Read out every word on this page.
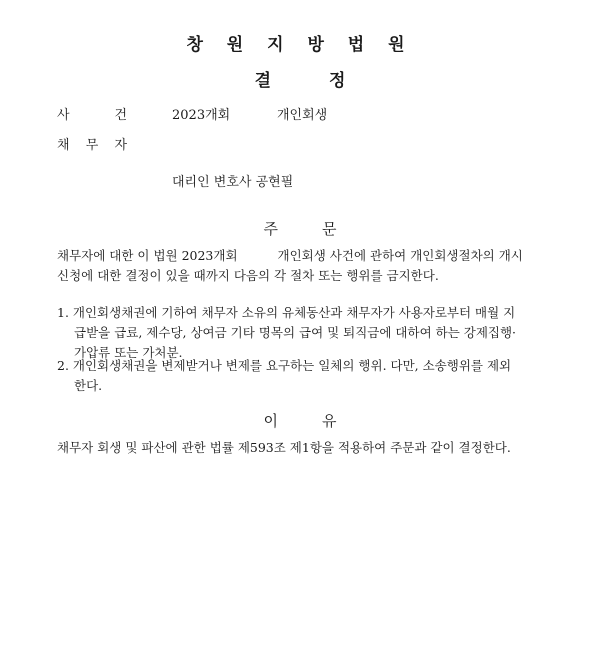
창 원 지 방 법 원
결	정
사	건	2023개회	개인회생
채 무 자
대리인 변호사 공현필
주	문
채무자에 대한 이 법원 2023개회	개인회생 사건에 관하여 개인회생절차의 개시
신청에 대한 결정이 있을 때까지 다음의 각 절차 또는 행위를 금지한다.
1. 개인회생채권에 기하여 채무자 소유의 유체동산과 채무자가 사용자로부터 매월 지
급받을 급료, 제수당, 상여금 기타 명목의 급여 및 퇴직금에 대하여 하는 강제집행·
가압류 또는 가처분.
2. 개인회생채권을 변제받거나 변제를 요구하는 일체의 행위. 다만, 소송행위를 제외
한다.
이	유
채무자 회생 및 파산에 관한 법률 제593조 제1항을 적용하여 주문과 같이 결정한다.
